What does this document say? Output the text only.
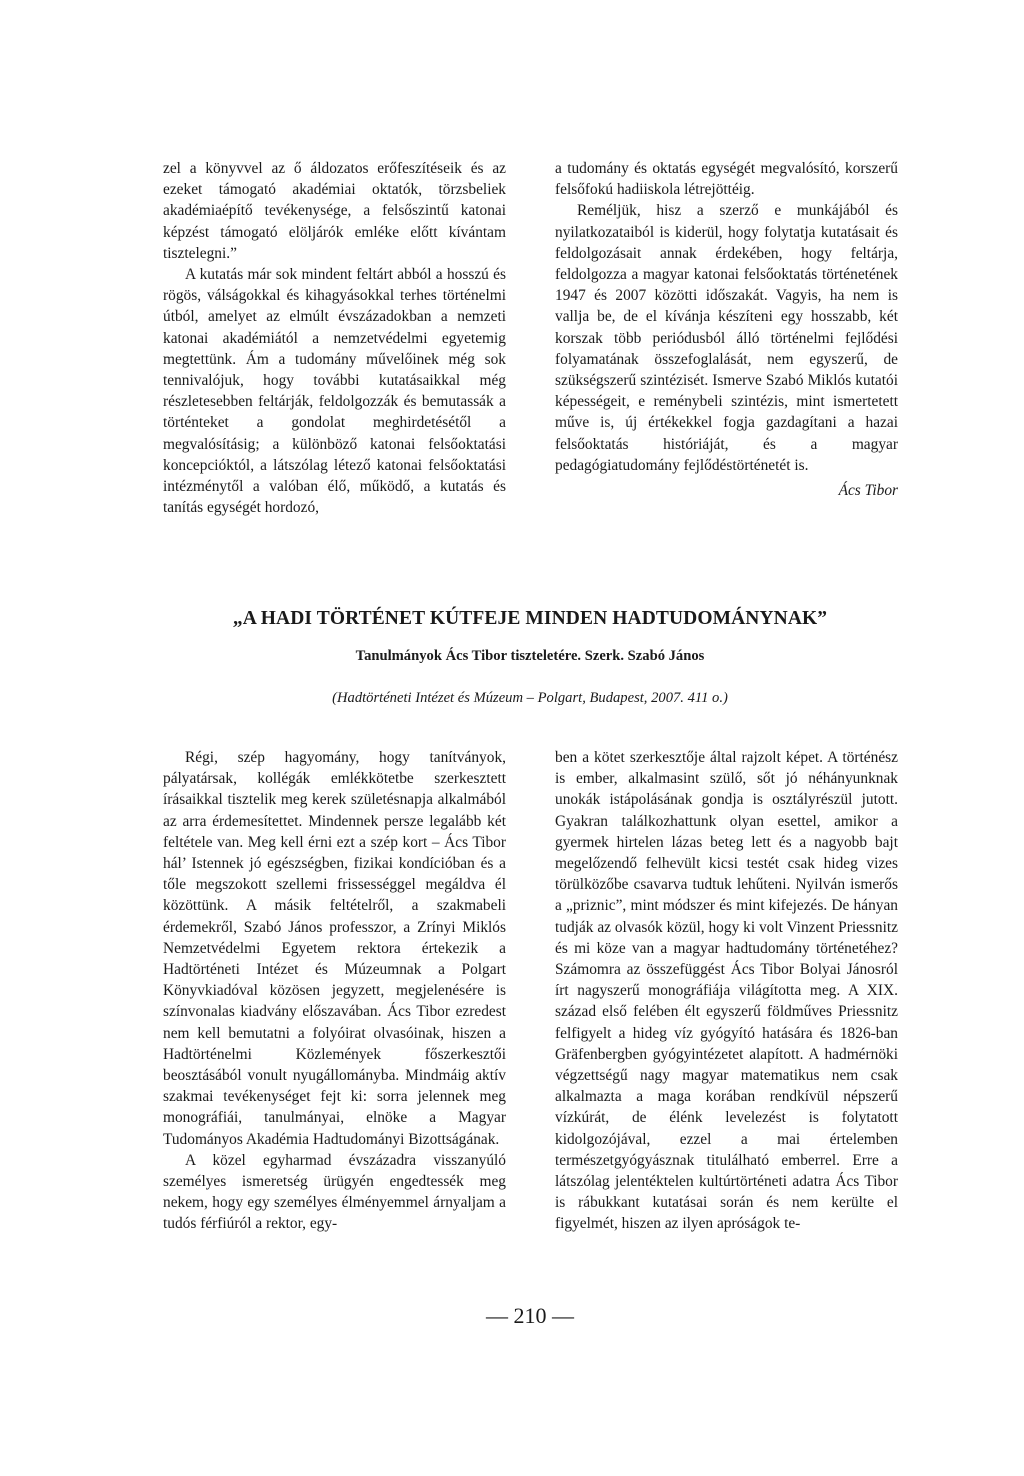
zel a könyvvel az ő áldozatos erőfeszítéseik és az ezeket támogató akadémiai oktatók, törzsbeliek akadémiaépítő tevékenysége, a felsőszintű katonai képzést támogató elöljárók emléke előtt kívántam tisztelegni.”

A kutatás már sok mindent feltárt abból a hosszú és rögös, válságokkal és kihagyásokkal terhes történelmi útból, amelyet az elmúlt évszázadokban a nemzeti katonai akadémiától a nemzetvédelmi egyetemig megtettünk. Ám a tudomány művelőinek még sok tennivalójuk, hogy további kutatásaikkal még részletesebben feltárják, feldolgozzák és bemutassák a történteket a gondolat meghirdetésétől a megvalósításig; a különböző katonai felsőoktatási koncepcióktól, a látszólag létező katonai felsőoktatási intézménytől a valóban élő, működő, a kutatás és tanítás egységét hordozó,

a tudomány és oktatás egységét megvalósító, korszerű felsőfokú hadiiskola létrejöttéig.

Reméljük, hisz a szerző e munkájából és nyilatkozataiból is kiderül, hogy folytatja kutatásait és feldolgozásait annak érdekében, hogy feltárja, feldolgozza a magyar katonai felsőoktatás történetének 1947 és 2007 közötti időszakát. Vagyis, ha nem is vallja be, de el kívánja készíteni egy hosszabb, két korszak több periódusból álló történelmi fejlődési folyamatának összefoglalását, nem egyszerű, de szükségszerű szintézisét. Ismerve Szabó Miklós kutatói képességeit, e reménybeli szintézis, mint ismertetett műve is, új értékekkel fogja gazdagítani a hazai felsőoktatás históriáját, és a magyar pedagógiatudomány fejlődéstörténetét is.

Ács Tibor

„A HADI TÖRTÉNET KÚTFEJE MINDEN HADTUDOMÁNYNAK”
Tanulmányok Ács Tibor tiszteletére. Szerk. Szabó János
(Hadtörténeti Intézet és Múzeum – Polgart, Budapest, 2007. 411 o.)

Régi, szép hagyomány, hogy tanítványok, pályatársak, kollégák emlékkötetbe szerkesztett írásaikkal tisztelik meg kerek születésnapja alkalmából az arra érdemesítettet. Mindennek persze legalább két feltétele van. Meg kell érni ezt a szép kort – Ács Tibor hál’ Istennek jó egészségben, fizikai kondícióban és a tőle megszokott szellemi frissességgel megáldva él közöttünk. A másik feltételről, a szakmabeli érdemekről, Szabó János professzor, a Zrínyi Miklós Nemzetvédelmi Egyetem rektora értekezik a Hadtörténeti Intézet és Múzeumnak a Polgart Könyvkiadóval közösen jegyzett, megjelenésére is színvonalas kiadvány előszavában. Ács Tibor ezredest nem kell bemutatni a folyóirat olvasóinak, hiszen a Hadtörténelmi Közlemények főszerkesztői beosztásából vonult nyugállományba. Mindmáig aktív szakmai tevékenységet fejt ki: sorra jelennek meg monográfiái, tanulmányai, elnöke a Magyar Tudományos Akadémia Hadtudományi Bizottságának.

A közel egyharmad évszázadra visszanyúló személyes ismeretség ürügyén engedtessék meg nekem, hogy egy személyes élményemmel árnyaljam a tudós férfiúról a rektor, egy-

ben a kötet szerkesztője által rajzolt képet. A történész is ember, alkalmasint szülő, sőt jó néhányunknak unokák istápolásának gondja is osztályrészül jutott. Gyakran találkozhattunk olyan esettel, amikor a gyermek hirtelen lázas beteg lett és a nagyobb bajt megelőzendő felhevült kicsi testét csak hideg vizes törülközőbe csavarva tudtuk lehűteni. Nyilván ismerős a „priznic”, mint módszer és mint kifejezés. De hányan tudják az olvasók közül, hogy ki volt Vinzent Priessnitz és mi köze van a magyar hadtudomány történetéhez? Számomra az összefüggést Ács Tibor Bolyai Jánosról írt nagyszerű monográfiája világította meg. A XIX. század első felében élt egyszerű földműves Priessnitz felfigyelt a hideg víz gyógyító hatására és 1826-ban Gräfenbergben gyógyintézetet alapított. A hadmérnöki végzettségű nagy magyar matematikus nem csak alkalmazta a maga korában rendkívül népszerű vízkúrát, de élénk levelezést is folytatott kidolgozójával, ezzel a mai értelemben természetgyógyásznak titulálható emberrel. Erre a látszólag jelentéktelen kultúrtörténeti adatra Ács Tibor is rábukkant kutatásai során és nem kerülte el figyelmét, hiszen az ilyen apróságok te-

— 210 —
